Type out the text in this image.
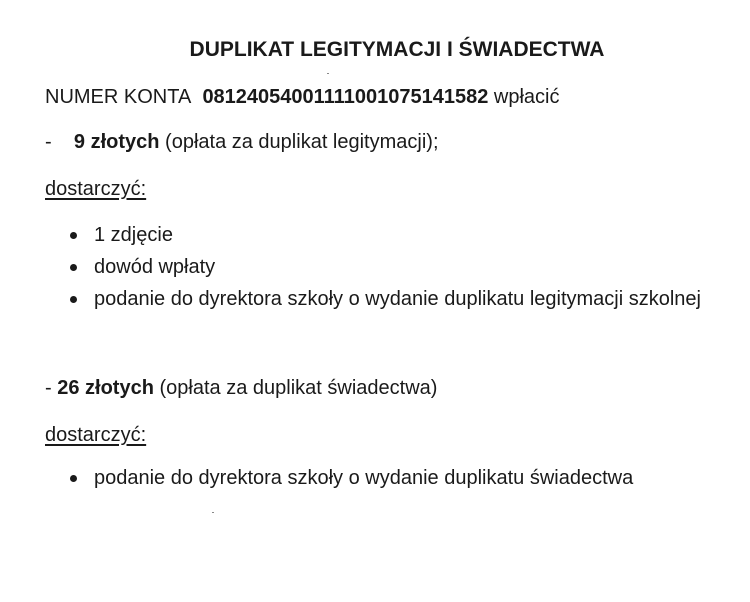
DUPLIKAT LEGITYMACJI I ŚWIADECTWA
NUMER KONTA 08124054001111001075141582 wpłacić
- 9 złotych (opłata za duplikat legitymacji);
dostarczyć:
1 zdjęcie
dowód wpłaty
podanie do dyrektora szkoły o wydanie duplikatu legitymacji szkolnej
- 26 złotych (opłata za duplikat świadectwa)
dostarczyć:
podanie do dyrektora szkoły o wydanie duplikatu świadectwa
